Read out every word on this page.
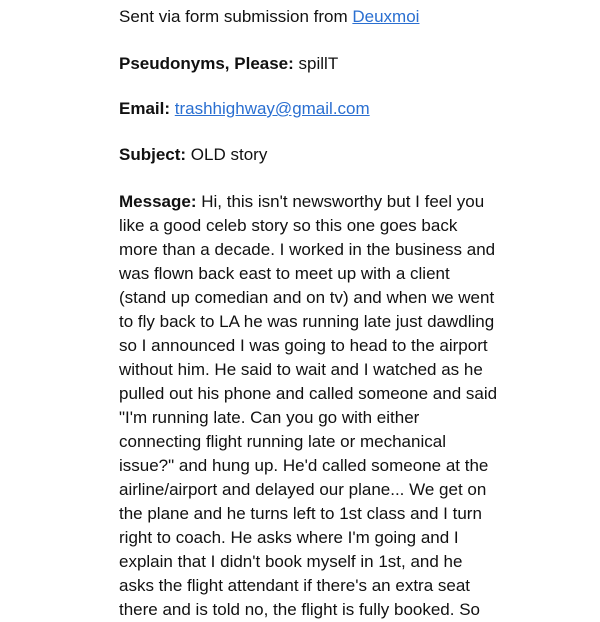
Sent via form submission from Deuxmoi
Pseudonyms, Please: spillT
Email: trashhighway@gmail.com
Subject: OLD story
Message: Hi, this isn't newsworthy but I feel you
like a good celeb story so this one goes back
more than a decade. I worked in the business and
was flown back east to meet up with a client
(stand up comedian and on tv) and when we went
to fly back to LA he was running late just dawdling
so I announced I was going to head to the airport
without him. He said to wait and I watched as he
pulled out his phone and called someone and said
"I'm running late. Can you go with either
connecting flight running late or mechanical
issue?" and hung up. He'd called someone at the
airline/airport and delayed our plane... We get on
the plane and he turns left to 1st class and I turn
right to coach. He asks where I'm going and I
explain that I didn't book myself in 1st, and he
asks the flight attendant if there's an extra seat
there and is told no, the flight is fully booked. So
